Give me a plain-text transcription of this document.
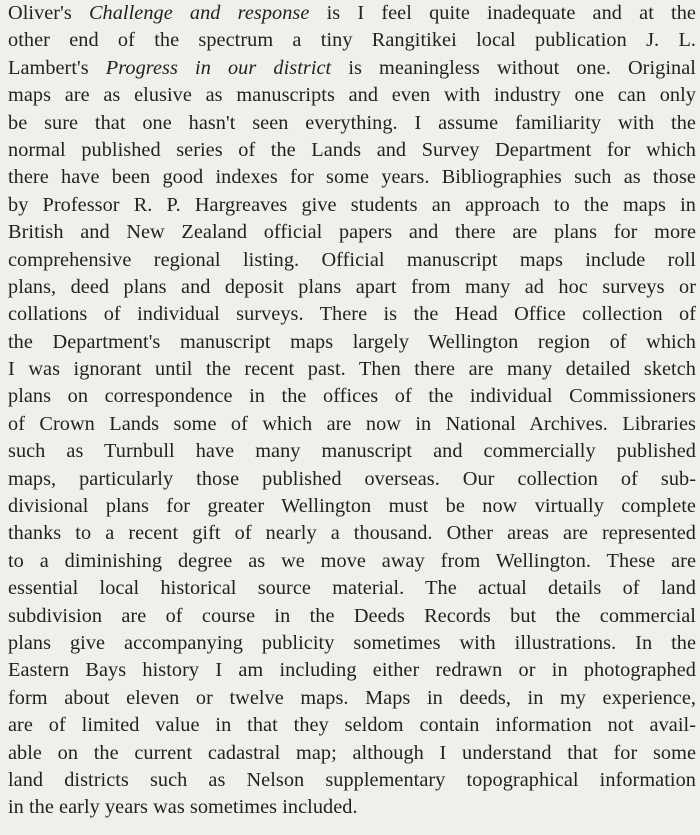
Oliver's Challenge and response is I feel quite inadequate and at the
other end of the spectrum a tiny Rangitikei local publication J. L.
Lambert's Progress in our district is meaningless without one. Original
maps are as elusive as manuscripts and even with industry one can only
be sure that one hasn't seen everything. I assume familiarity with the
normal published series of the Lands and Survey Department for which
there have been good indexes for some years. Bibliographies such as those
by Professor R. P. Hargreaves give students an approach to the maps in
British and New Zealand official papers and there are plans for more
comprehensive regional listing. Official manuscript maps include roll
plans, deed plans and deposit plans apart from many ad hoc surveys or
collations of individual surveys. There is the Head Office collection of
the Department's manuscript maps largely Wellington region of which
I was ignorant until the recent past. Then there are many detailed sketch
plans on correspondence in the offices of the individual Commissioners
of Crown Lands some of which are now in National Archives. Libraries
such as Turnbull have many manuscript and commercially published
maps, particularly those published overseas. Our collection of sub-
divisional plans for greater Wellington must be now virtually complete
thanks to a recent gift of nearly a thousand. Other areas are represented
to a diminishing degree as we move away from Wellington. These are
essential local historical source material. The actual details of land
subdivision are of course in the Deeds Records but the commercial
plans give accompanying publicity sometimes with illustrations. In the
Eastern Bays history I am including either redrawn or in photographed
form about eleven or twelve maps. Maps in deeds, in my experience,
are of limited value in that they seldom contain information not avail-
able on the current cadastral map; although I understand that for some
land districts such as Nelson supplementary topographical information
in the early years was sometimes included.
